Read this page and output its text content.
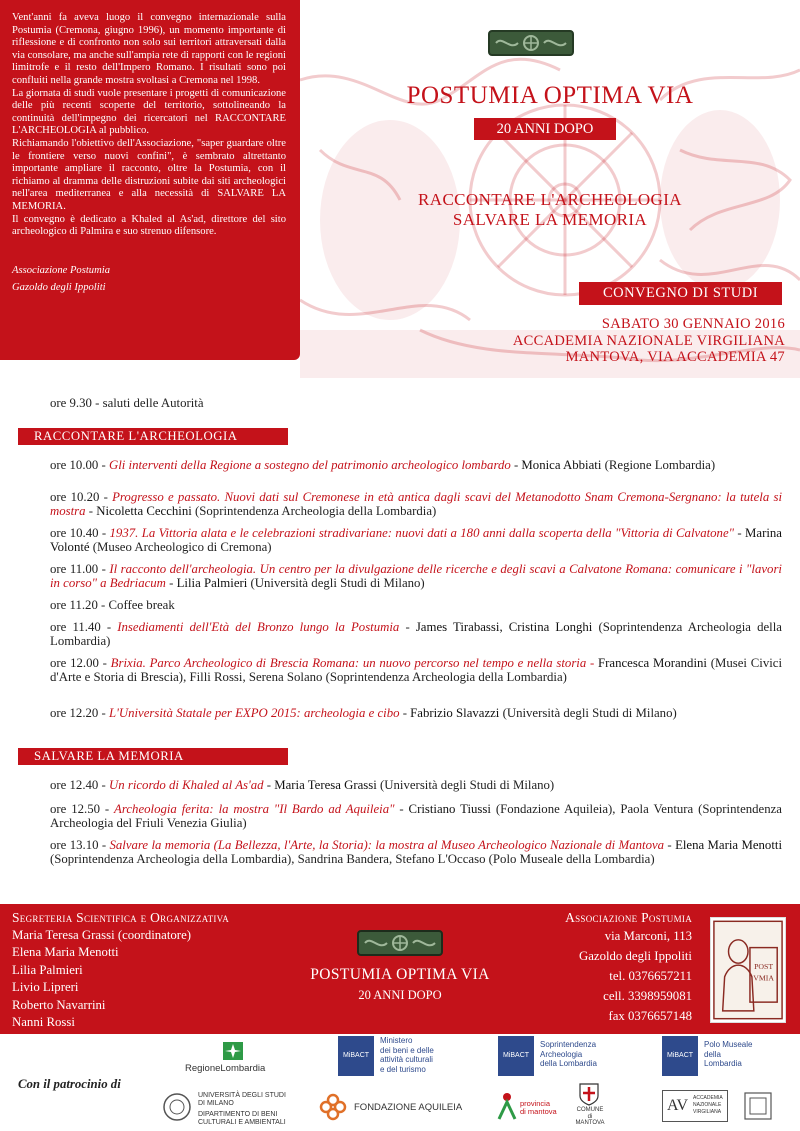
Vent'anni fa aveva luogo il convegno internazionale sulla Postumia (Cremona, giugno 1996), un momento importante di riflessione e di confronto non solo sui territori attraversati dalla via consolare, ma anche sull'ampia rete di rapporti con le regioni limitrofe e il resto dell'Impero Romano. I risultati sono poi confluiti nella grande mostra svoltasi a Cremona nel 1998.

La giornata di studi vuole presentare i progetti di comunicazione delle più recenti scoperte del territorio, sottolineando la continuità dell'impegno dei ricercatori nel RACCONTARE L'ARCHEOLOGIA al pubblico.

Richiamando l'obiettivo dell'Associazione, "saper guardare oltre le frontiere verso nuovi confini", è sembrato altrettanto importante ampliare il racconto, oltre la Postumia, con il richiamo al dramma delle distruzioni subite dai siti archeologici nell'area mediterranea e alla necessità di SALVARE LA MEMORIA.

Il convegno è dedicato a Khaled al As'ad, direttore del sito archeologico di Palmira e suo strenuo difensore.

Associazione Postumia
Gazoldo degli Ippoliti
POSTUMIA OPTIMA VIA
20 ANNI DOPO
RACCONTARE L'ARCHEOLOGIA
SALVARE LA MEMORIA
CONVEGNO DI STUDI
SABATO 30 GENNAIO 2016
ACCADEMIA NAZIONALE VIRGILIANA
MANTOVA, VIA ACCADEMIA 47
ore 9.30 - saluti delle Autorità
RACCONTARE L'ARCHEOLOGIA
ore 10.00 - Gli interventi della Regione a sostegno del patrimonio archeologico lombardo - Monica Abbiati (Regione Lombardia)
ore 10.20 - Progresso e passato. Nuovi dati sul Cremonese in età antica dagli scavi del Metanodotto Snam Cremona-Sergnano: la tutela si mostra - Nicoletta Cecchini (Soprintendenza Archeologia della Lombardia)
ore 10.40 - 1937. La Vittoria alata e le celebrazioni stradivariane: nuovi dati a 180 anni dalla scoperta della "Vittoria di Calvatone" - Marina Volonté (Museo Archeologico di Cremona)
ore 11.00 - Il racconto dell'archeologia. Un centro per la divulgazione delle ricerche e degli scavi a Calvatone Romana: comunicare i "lavori in corso" a Bedriacum - Lilia Palmieri (Università degli Studi di Milano)
ore 11.20 - Coffee break
ore 11.40 - Insediamenti dell'Età del Bronzo lungo la Postumia - James Tirabassi, Cristina Longhi (Soprintendenza Archeologia della Lombardia)
ore 12.00 - Brixia. Parco Archeologico di Brescia Romana: un nuovo percorso nel tempo e nella storia - Francesca Morandini (Musei Civici d'Arte e Storia di Brescia), Filli Rossi, Serena Solano (Soprintendenza Archeologia della Lombardia)
ore 12.20 - L'Università Statale per EXPO 2015: archeologia e cibo - Fabrizio Slavazzi (Università degli Studi di Milano)
SALVARE LA MEMORIA
ore 12.40 - Un ricordo di Khaled al As'ad - Maria Teresa Grassi (Università degli Studi di Milano)
ore 12.50 - Archeologia ferita: la mostra "Il Bardo ad Aquileia" - Cristiano Tiussi (Fondazione Aquileia), Paola Ventura (Soprintendenza Archeologia del Friuli Venezia Giulia)
ore 13.10 - Salvare la memoria (La Bellezza, l'Arte, la Storia): la mostra al Museo Archeologico Nazionale di Mantova - Elena Maria Menotti (Soprintendenza Archeologia della Lombardia), Sandrina Bandera, Stefano L'Occaso (Polo Museale della Lombardia)
Segreteria Scientifica e Organizzativa
Maria Teresa Grassi (coordinatore)
Elena Maria Menotti
Lilia Palmieri
Livio Lipreri
Roberto Navarrini
Nanni Rossi
POSTUMIA OPTIMA VIA
20 ANNI DOPO
Associazione Postumia
via Marconi, 113
Gazoldo degli Ippoliti
tel. 0376657211
cell. 3398959081
fax 0376657148
POST
VMIA
Con il patrocinio di
RegioneLombardia
MiBACT
Ministero
dei beni e delle
attività culturali
e del turismo
MiBACT
Soprintendenza
Archeologia
della Lombardia
MiBACT
Polo Museale
della
Lombardia
UNIVERSITÀ DEGLI STUDI
DI MILANO
DIPARTIMENTO DI BENI
CULTURALI E AMBIENTALI
FONDAZIONE AQUILEIA	provincia
di mantova	COMUNE
di
MANTOVA
AV ACCADEMIA
NAZIONALE
VIRGILIANA
